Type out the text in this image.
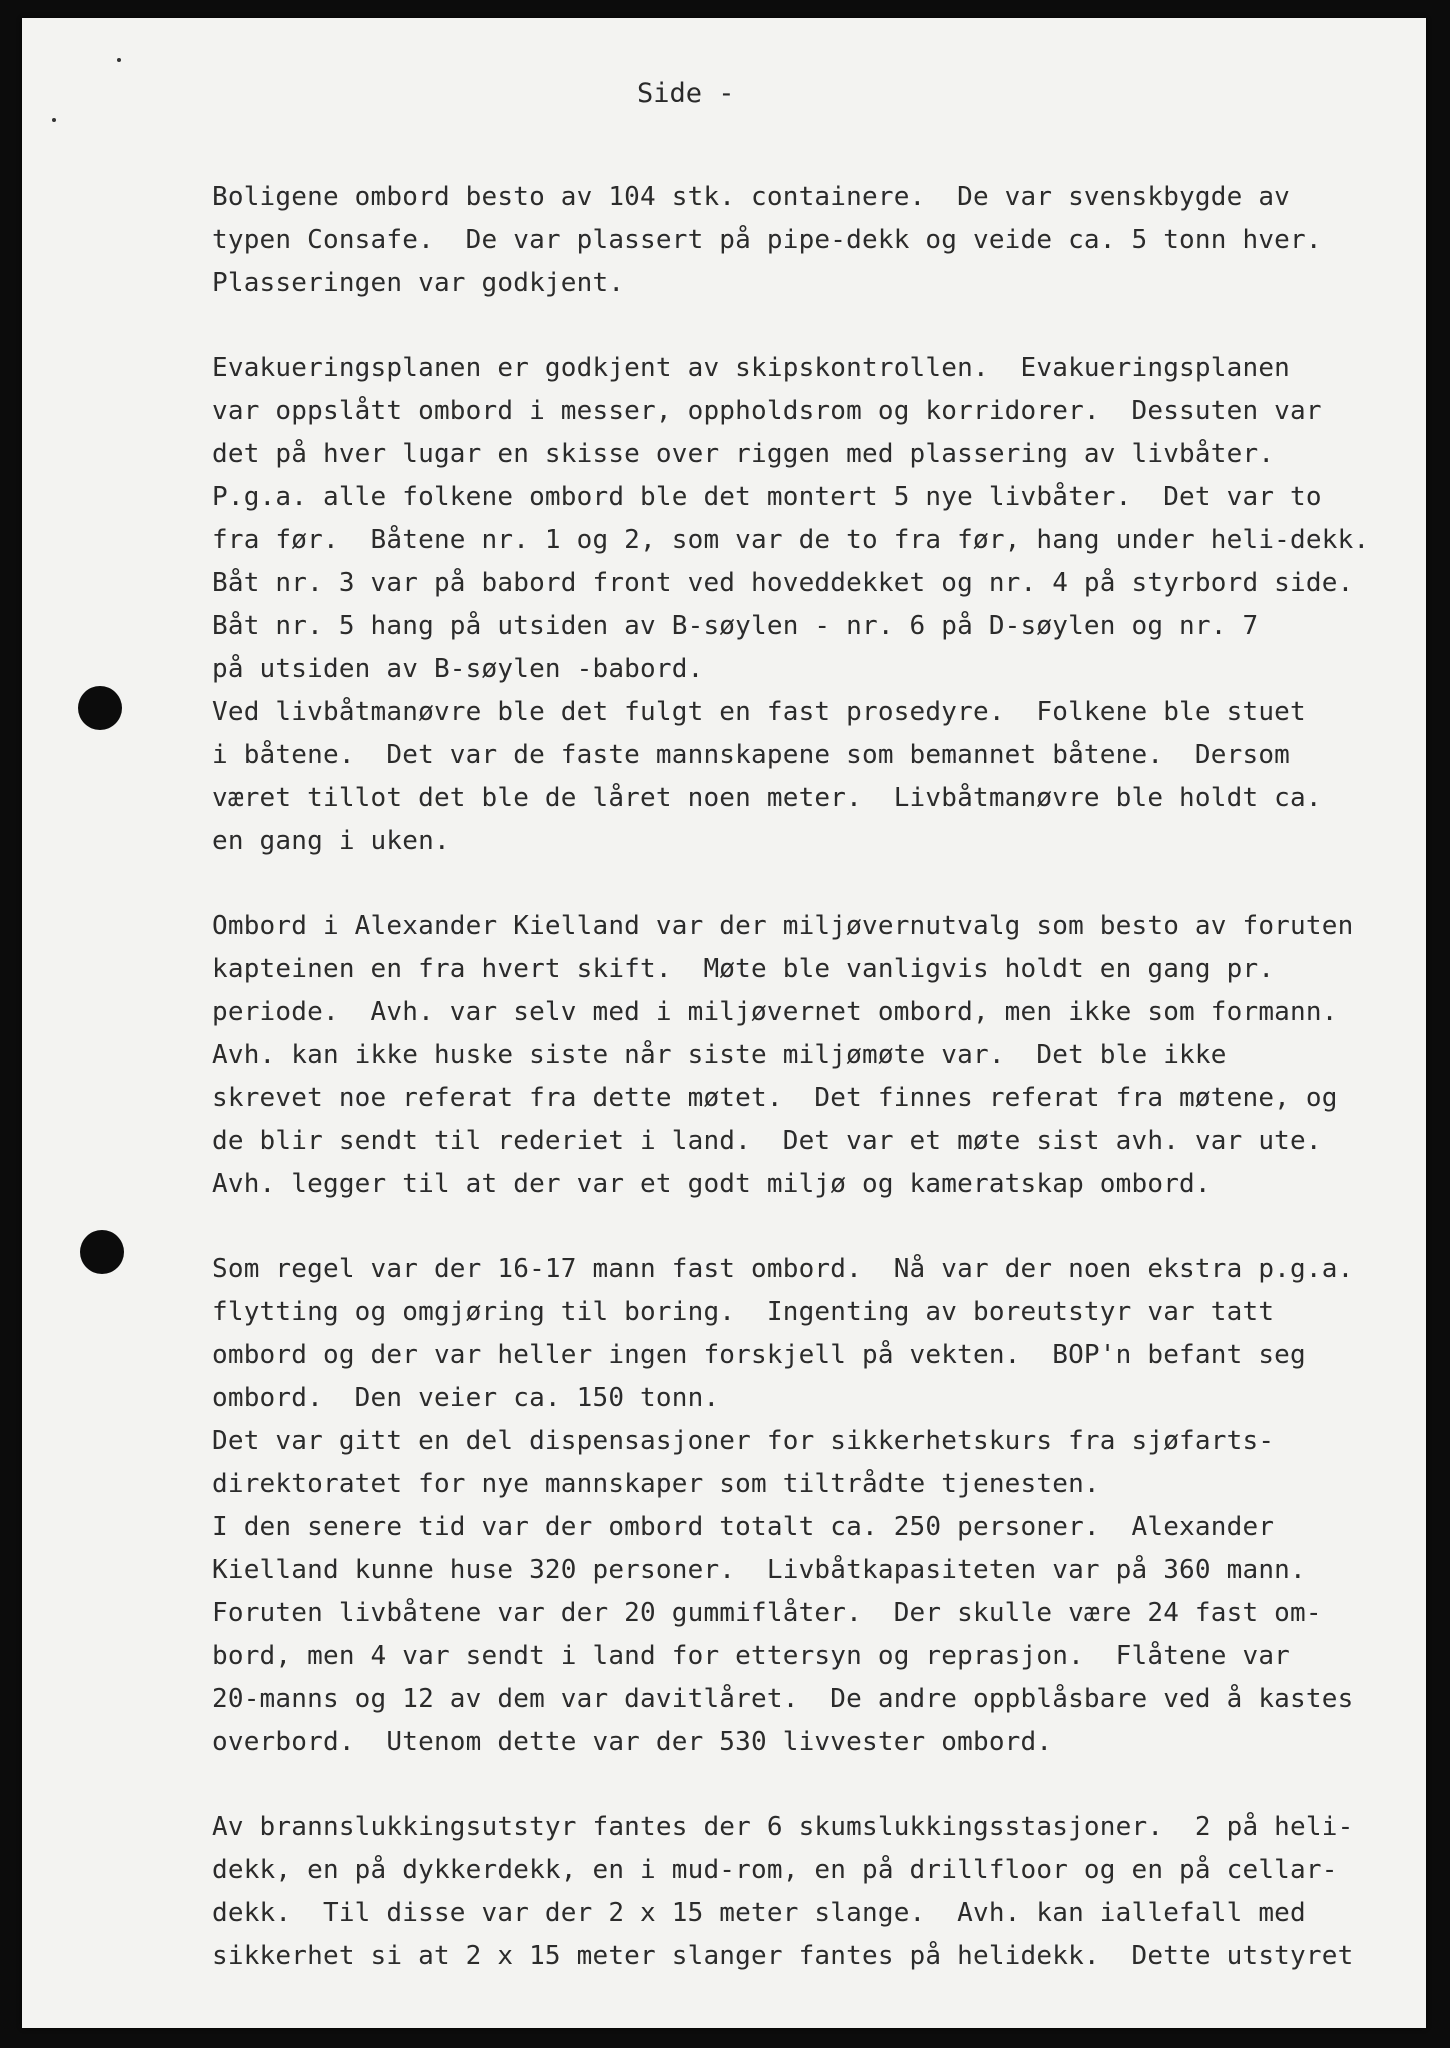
Side -
Boligene ombord besto av 104 stk. containere.  De var svenskbygde av
typen Consafe.  De var plassert på pipe-dekk og veide ca. 5 tonn hver.
Plasseringen var godkjent.
Evakueringsplanen er godkjent av skipskontrollen.  Evakueringsplanen
var oppslått ombord i messer, oppholdsrom og korridorer.  Dessuten var
det på hver lugar en skisse over riggen med plassering av livbåter.
P.g.a. alle folkene ombord ble det montert 5 nye livbåter.  Det var to
fra før.  Båtene nr. 1 og 2, som var de to fra før, hang under heli-dekk.
Båt nr. 3 var på babord front ved hoveddekket og nr. 4 på styrbord side.
Båt nr. 5 hang på utsiden av B-søylen - nr. 6 på D-søylen og nr. 7
på utsiden av B-søylen -babord.
Ved livbåtmanøvre ble det fulgt en fast prosedyre.  Folkene ble stuet
i båtene.  Det var de faste mannskapene som bemannet båtene.  Dersom
været tillot det ble de låret noen meter.  Livbåtmanøvre ble holdt ca.
en gang i uken.
Ombord i Alexander Kielland var der miljøvernutvalg som besto av foruten
kapteinen en fra hvert skift.  Møte ble vanligvis holdt en gang pr.
periode.  Avh. var selv med i miljøvernet ombord, men ikke som formann.
Avh. kan ikke huske siste når siste miljømøte var.  Det ble ikke
skrevet noe referat fra dette møtet.  Det finnes referat fra møtene, og
de blir sendt til rederiet i land.  Det var et møte sist avh. var ute.
Avh. legger til at der var et godt miljø og kameratskap ombord.
Som regel var der 16-17 mann fast ombord.  Nå var der noen ekstra p.g.a.
flytting og omgjøring til boring.  Ingenting av boreutstyr var tatt
ombord og der var heller ingen forskjell på vekten.  BOP'n befant seg
ombord.  Den veier ca. 150 tonn.
Det var gitt en del dispensasjoner for sikkerhetskurs fra sjøfarts-
direktoratet for nye mannskaper som tiltrådte tjenesten.
I den senere tid var der ombord totalt ca. 250 personer.  Alexander
Kielland kunne huse 320 personer.  Livbåtkapasiteten var på 360 mann.
Foruten livbåtene var der 20 gummiflåter.  Der skulle være 24 fast om-
bord, men 4 var sendt i land for ettersyn og reprasjon.  Flåtene var
20-manns og 12 av dem var davitlåret.  De andre oppblåsbare ved å kastes
overbord.  Utenom dette var der 530 livvester ombord.
Av brannslukkingsutstyr fantes der 6 skumslukkingsstasjoner.  2 på heli-
dekk, en på dykkerdekk, en i mud-rom, en på drillfloor og en på cellar-
dekk.  Til disse var der 2 x 15 meter slange.  Avh. kan iallefall med
sikkerhet si at 2 x 15 meter slanger fantes på helidekk.  Dette utstyret
